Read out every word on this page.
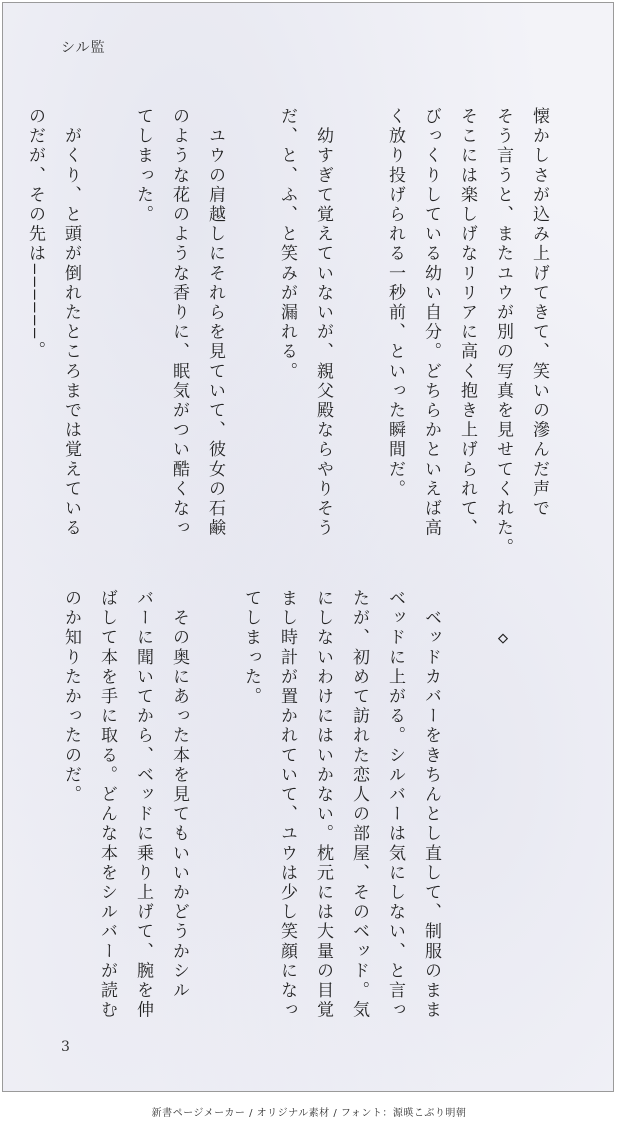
シル監
懐かしさが込み上げてきて、笑いの滲んだ声で
そう言うと、またユウが別の写真を見せてくれた。
そこには楽しげなリリアに高く抱き上げられて、
びっくりしている幼い自分。どちらかといえば高
く放り投げられる一秒前、といった瞬間だ。

　幼すぎて覚えていないが、親父殿ならやりそう
だ、と、ふ、と笑みが漏れる。

　ユウの肩越しにそれらを見ていて、彼女の石鹸
のような花のような香りに、眠気がつい酷くなっ
てしまった。

　がくり、と頭が倒れたところまでは覚えている
のだが、その先は――――――。

　　◇

　ベッドカバーをきちんとし直して、制服のまま
ベッドに上がる。シルバーは気にしない、と言っ
たが、初めて訪れた恋人の部屋、そのベッド。気
にしないわけにはいかない。枕元には大量の目覚
まし時計が置かれていて、ユウは少し笑顔になっ
てしまった。

　その奥にあった本を見てもいいかどうかシル
バーに聞いてから、ベッドに乗り上げて、腕を伸
ばして本を手に取る。どんな本をシルバーが読む
のか知りたかったのだ。
3
新書ページメーカー / オリジナル素材 / フォント：源暎こぶり明朝
